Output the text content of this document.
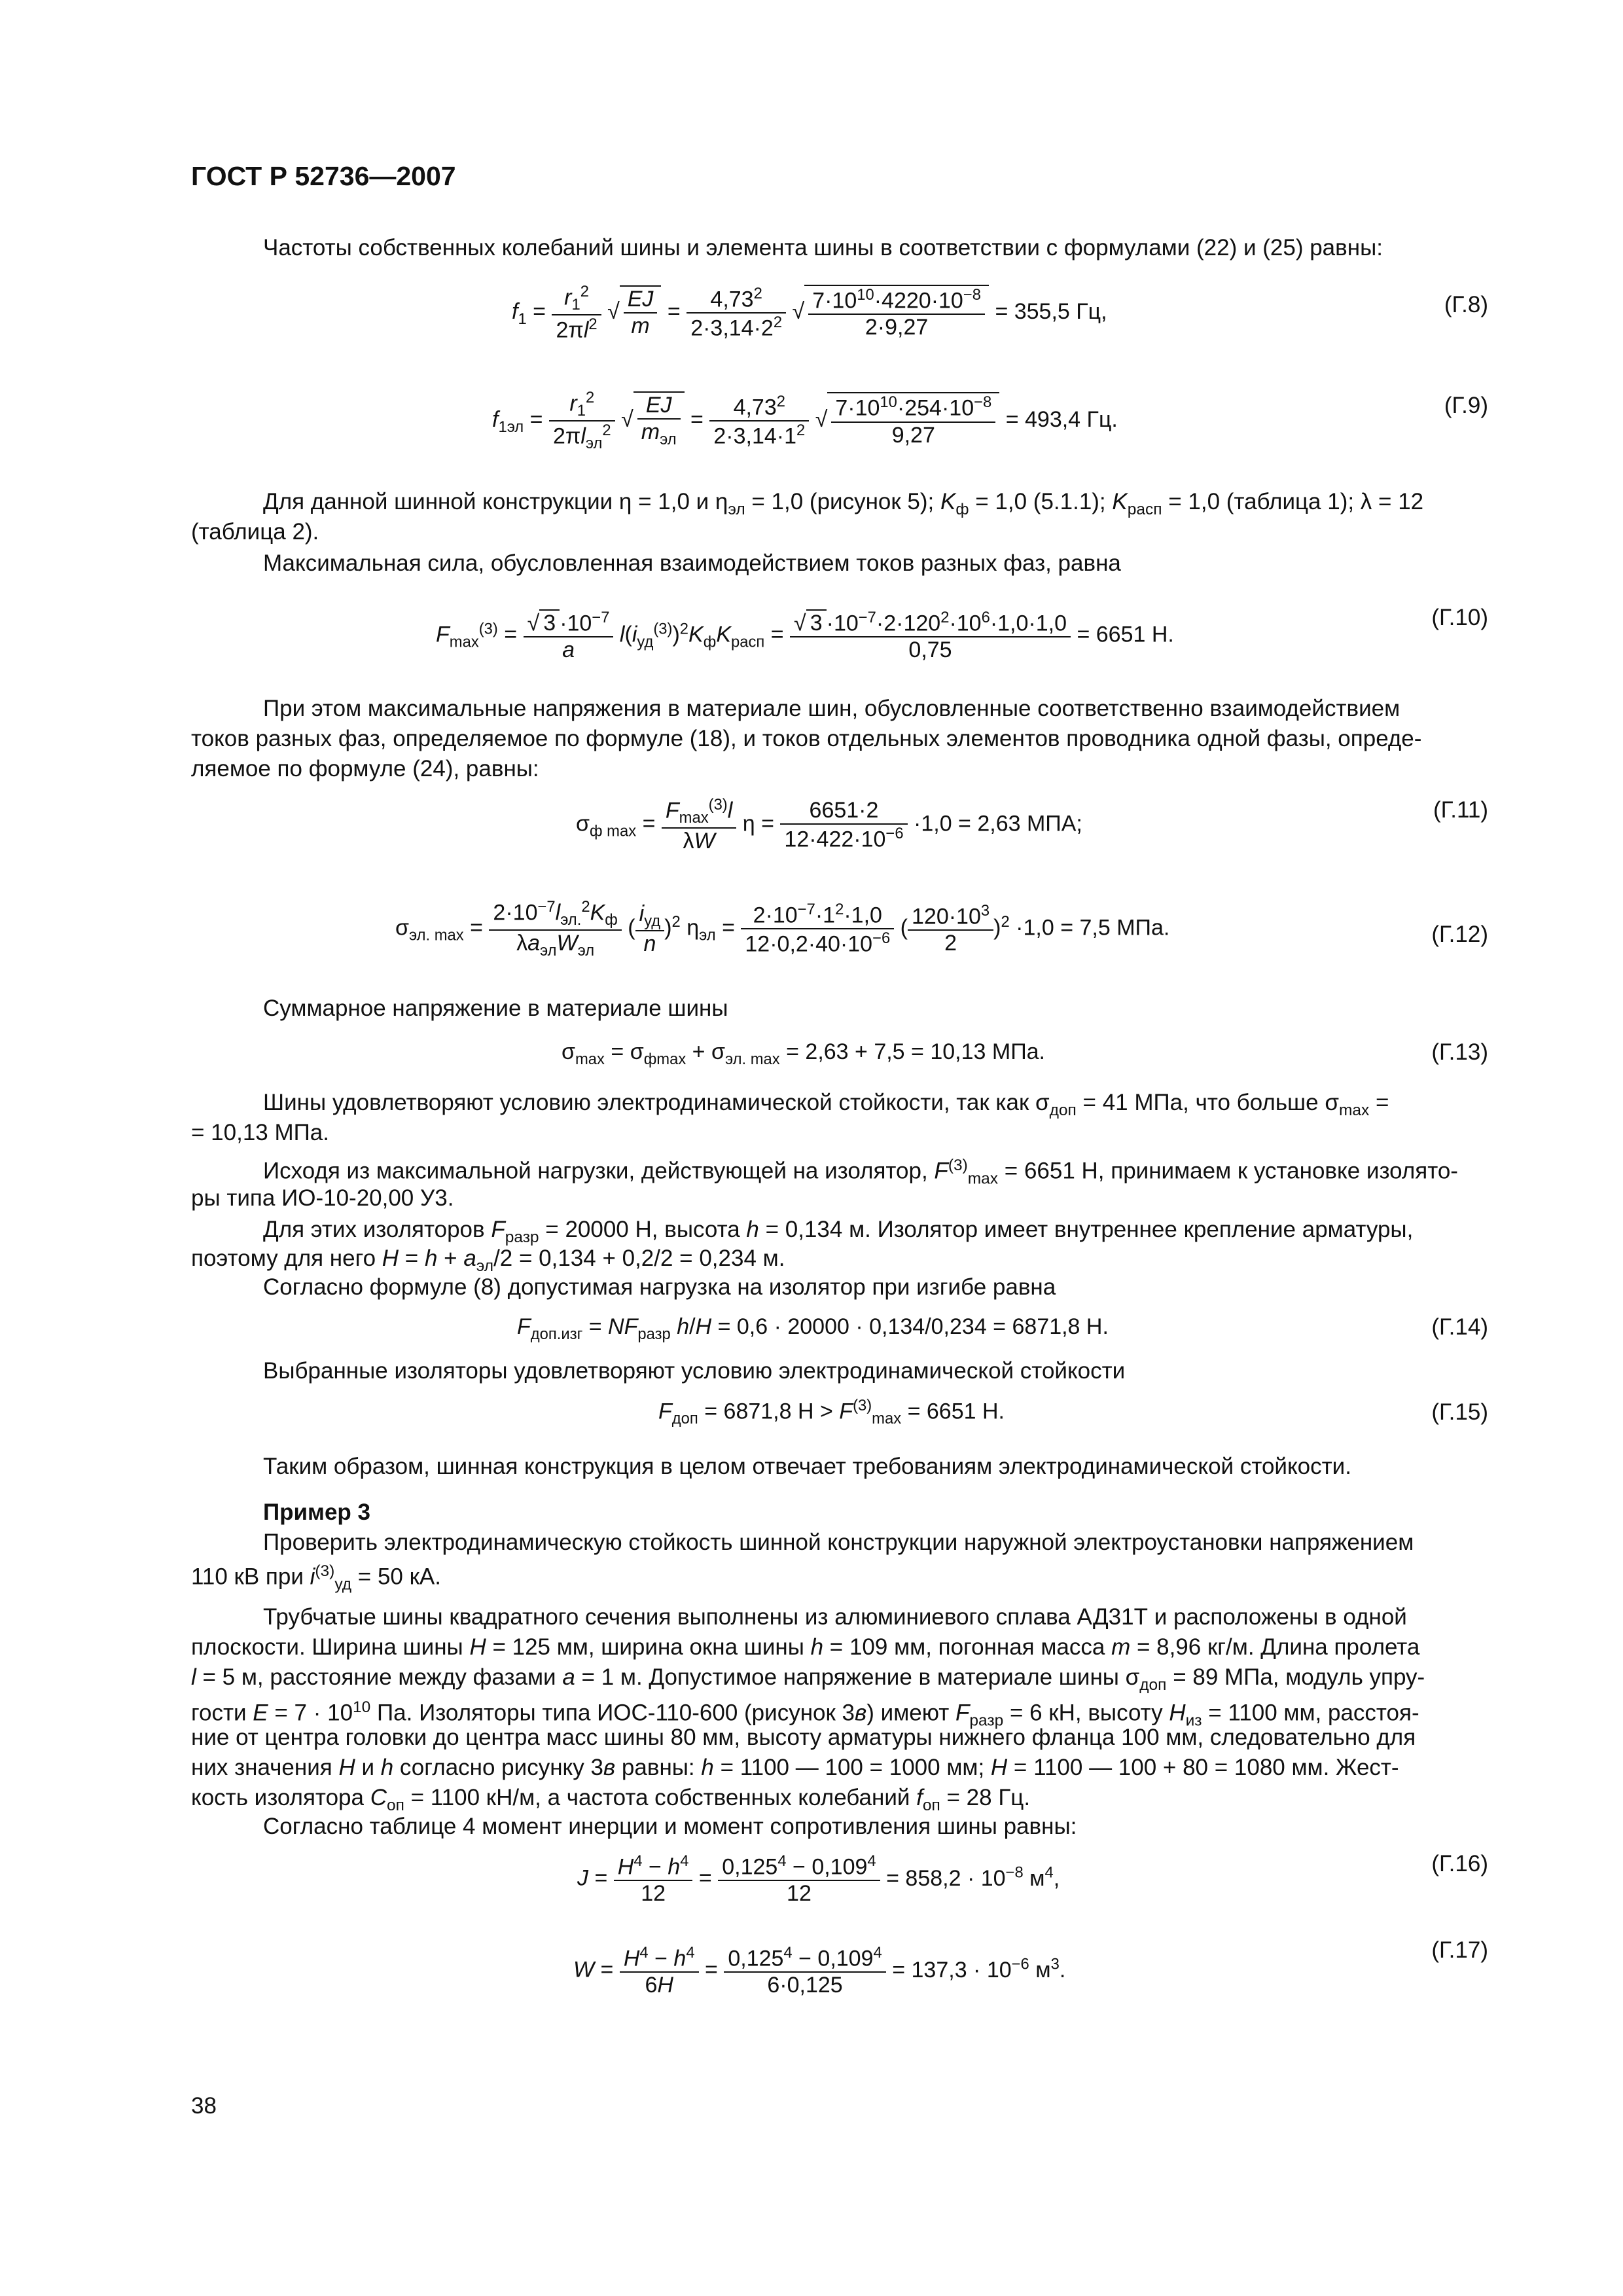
ГОСТ Р 52736—2007
Частоты собственных колебаний шины и элемента шины в соответствии с формулами (22) и (25) равны:
$f_1 = \frac{r_1^2}{2\pi l^2}$ √ $\frac{EJ}{m} = \frac{4,73^2}{2\cdot 3,14\cdot 2^2}$ √ $\frac{7\cdot 10^{10}\cdot 4220\cdot 10^{-8}}{2\cdot 9,27} = 355,5$ Гц,	(Г.8)
$f_{1эл} = \frac{r_1^2}{2\pi l_{эл}^2}$ √ $\frac{EJ}{m_{эл}} = \frac{4,73^2}{2\cdot 3,14\cdot 1^2}$ √ $\frac{7\cdot 10^{10}\cdot 254\cdot 10^{-8}}{9,27} = 493,4$ Гц.
(Г.9)
Для данной шинной конструкции η = 1,0 и $\eta_{эл} = 1,0$ (рисунок 5); $K_ф = 1,0$ (5.1.1); $K_{расп} = 1,0$ (таблица 1); λ = 12
(таблица 2).
Максимальная сила, обусловленная взаимодействием токов разных фаз, равна
$F_{max}^{(3)} = \frac{√ 3 \cdot 10^{-7}}{a} l(i_{уд}^{(3)})^2K_фK_{расп} = \frac{√ 3 \cdot 10^{-7}\cdot 2\cdot 120^2\cdot 10^6\cdot 1,0\cdot 1,0}{0,75} = 6651$ Н.
(Г.10)
При этом максимальные напряжения в материале шин, обусловленные соответственно взаимодействием
токов разных фаз, определяемое по формуле (18), и токов отдельных элементов проводника одной фазы, опреде-
ляемое по формуле (24), равны:
$\sigma_{ф max} = \frac{F_{max}^{(3)}l}{\lambda W}$ $\eta = \frac{6651\cdot 2}{12\cdot 422\cdot 10^{-6}} \cdot 1,0 = 2,63$ МПА;
(Г.11)
$\sigma_{эл. max} = \frac{2\cdot 10^{-7}l_{эл.}^2K_ф}{\lambda a_{эл}W_{эл}}$ ( $\frac{i_{уд}}{n} )^2$ $\eta_{эл} = \frac{2\cdot 10^{-7}\cdot 1^2\cdot 1,0}{12\cdot 0,2\cdot 40\cdot 10^{-6}}$ ( $\frac{120\cdot 10^3}{2} )^2 \cdot 1,0 = 7,5$ МПа.	(Г.12)
Суммарное напряжение в материале шины
$\sigma_{max} = \sigma_{фmax} + \sigma_{эл. max} = 2,63 + 7,5 = 10,13$ МПа.	(Г.13)
Шины удовлетворяют условию электродинамической стойкости, так как $\sigma_{доп} = 41$ МПа, что больше $\sigma_{max}$ =
= 10,13 МПа.
Исходя из максимальной нагрузки, действующей на изолятор, $F^{(3)}_{max} = 6651$ Н, принимаем к установке изолято-
ры типа ИО-10-20,00 У3.
Для этих изоляторов $F_{разр} = 20000$ Н, высота h = 0,134 м. Изолятор имеет внутреннее крепление арматуры,
поэтому для него $H = h + a_{эл}/2 = 0,134 + 0,2/2 = 0,234$ м.
Согласно формуле (8) допустимая нагрузка на изолятор при изгибе равна
$F_{доп.изг} = NF_{разр}$ h/H = 0,6 · 20000 · 0,134/0,234 = 6871,8 Н.	(Г.14)
Выбранные изоляторы удовлетворяют условию электродинамической стойкости
$F_{доп} = 6871,8$ $Н > F^{(3)}_{max} = 6651$ Н.	(Г.15)
Таким образом, шинная конструкция в целом отвечает требованиям электродинамической стойкости.
Пример 3
Проверить электродинамическую стойкость шинной конструкции наружной электроустановки напряжением
110 кВ при $i^{(3)}_{уд} = 50$ кА.
Трубчатые шины квадратного сечения выполнены из алюминиевого сплава АД31Т и расположены в одной
плоскости. Ширина шины H = 125 мм, ширина окна шины h = 109 мм, погонная масса m = 8,96 кг/м. Длина пролета
l = 5 м, расстояние между фазами a = 1 м. Допустимое напряжение в материале шины $\sigma_{доп} = 89$ МПа, модуль упру-
гости $E = 7 \cdot 10^{10}$ Па. Изоляторы типа ИОС-110-600 (рисунок 3в) имеют $F_{разр} = 6$ кН, высоту $H_{из} = 1100$ мм, расстоя-
ние от центра головки до центра масс шины 80 мм, высоту арматуры нижнего фланца 100 мм, следовательно для
них значения H и h согласно рисунку 3в равны: h = 1100 — 100 = 1000 мм; H = 1100 — 100 + 80 = 1080 мм. Жест-
кость изолятора $C_{оп} = 1100$ кН/м, а частота собственных колебаний $f_{оп} = 28$ Гц.
Согласно таблице 4 момент инерции и момент сопротивления шины равны:
$J = \frac{H^4 - h^4}{12} = \frac{0,125^4 - 0,109^4}{12} = 858,2 \cdot 10^{-8}$ $м^4$,
(Г.16)
$W = \frac{H^4 - h^4}{6H} = \frac{0,125^4 - 0,109^4}{6\cdot 0,125} = 137,3 \cdot 10^{-6}$ $м^3$.
(Г.17)
38
